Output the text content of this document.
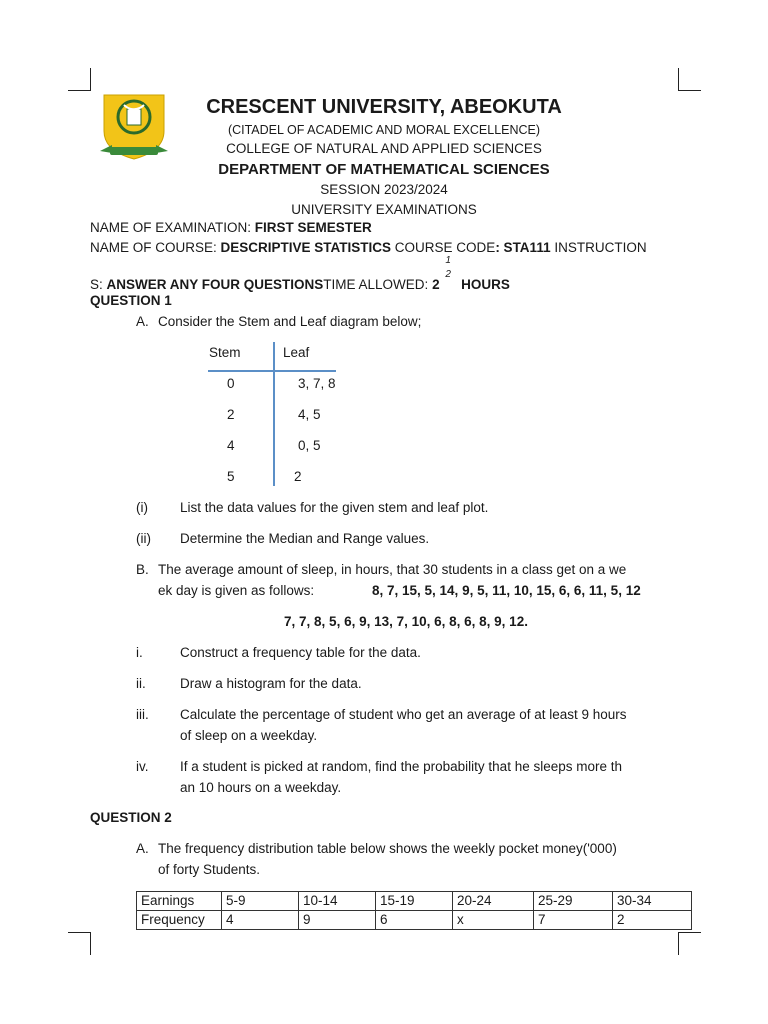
CRESCENT UNIVERSITY, ABEOKUTA
(CITADEL OF ACADEMIC AND MORAL EXCELLENCE)
COLLEGE OF NATURAL AND APPLIED SCIENCES
DEPARTMENT OF MATHEMATICAL SCIENCES
SESSION 2023/2024
UNIVERSITY EXAMINATIONS
NAME OF EXAMINATION: FIRST SEMESTER
NAME OF COURSE: DESCRIPTIVE STATISTICS COURSE CODE: STA111 INSTRUCTION
S: ANSWER ANY FOUR QUESTIONSTIME ALLOWED: 2
1
2
HOURS
QUESTION 1
A. Consider the Stem and Leaf diagram below;
Stem	Leaf
0	3, 7, 8
2	4, 5
4	0, 5
5	2
(i) List the data values for the given stem and leaf plot.
(ii) Determine the Median and Range values.
B. The average amount of sleep, in hours, that 30 students in a class get on a we
ek day is given as follows:	8, 7, 15, 5, 14, 9, 5, 11, 10, 15, 6, 6, 11, 5, 12
7, 7, 8, 5, 6, 9, 13, 7, 10, 6, 8, 6, 8, 9, 12.
i.	Construct a frequency table for the data.
ii.	Draw a histogram for the data.
iii. Calculate the percentage of student who get an average of at least 9 hours
of sleep on a weekday.
iv. If a student is picked at random, find the probability that he sleeps more th
an 10 hours on a weekday.
QUESTION 2
A. The frequency distribution table below shows the weekly pocket money('000)
of forty Students.
Earnings	5-9	10-14	15-19	20-24	25-29	30-34
Frequency	4	9	6	x	7	2
